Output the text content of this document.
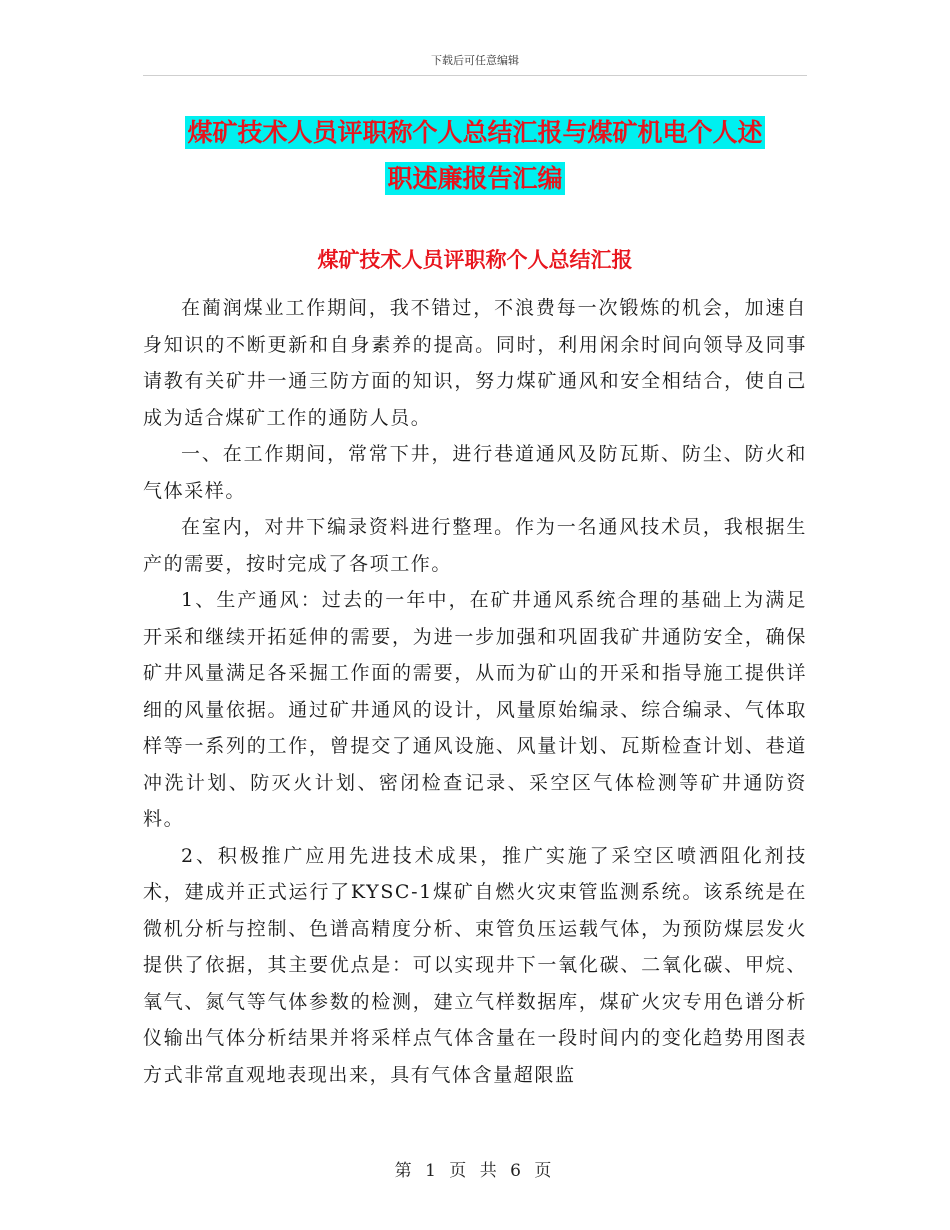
下载后可任意编辑
煤矿技术人员评职称个人总结汇报与煤矿机电个人述
职述廉报告汇编
煤矿技术人员评职称个人总结汇报

在蔺润煤业工作期间，我不错过，不浪费每一次锻炼的机会，加速自身知识的不断更新和自身素养的提高。同时，利用闲余时间向领导及同事请教有关矿井一通三防方面的知识，努力煤矿通风和安全相结合，使自己成为适合煤矿工作的通防人员。

一、在工作期间，常常下井，进行巷道通风及防瓦斯、防尘、防火和气体采样。

在室内，对井下编录资料进行整理。作为一名通风技术员，我根据生产的需要，按时完成了各项工作。

1、生产通风：过去的一年中，在矿井通风系统合理的基础上为满足开采和继续开拓延伸的需要，为进一步加强和巩固我矿井通防安全，确保矿井风量满足各采掘工作面的需要，从而为矿山的开采和指导施工提供详细的风量依据。通过矿井通风的设计，风量原始编录、综合编录、气体取样等一系列的工作，曾提交了通风设施、风量计划、瓦斯检查计划、巷道冲洗计划、防灭火计划、密闭检查记录、采空区气体检测等矿井通防资料。

2、积极推广应用先进技术成果，推广实施了采空区喷洒阻化剂技术，建成并正式运行了KYSC-1煤矿自燃火灾束管监测系统。该系统是在微机分析与控制、色谱高精度分析、束管负压运载气体，为预防煤层发火提供了依据，其主要优点是：可以实现井下一氧化碳、二氧化碳、甲烷、氧气、氮气等气体参数的检测，建立气样数据库，煤矿火灾专用色谱分析仪输出气体分析结果并将采样点气体含量在一段时间内的变化趋势用图表方式非常直观地表现出来，具有气体含量超限监

第 1 页 共 6 页
